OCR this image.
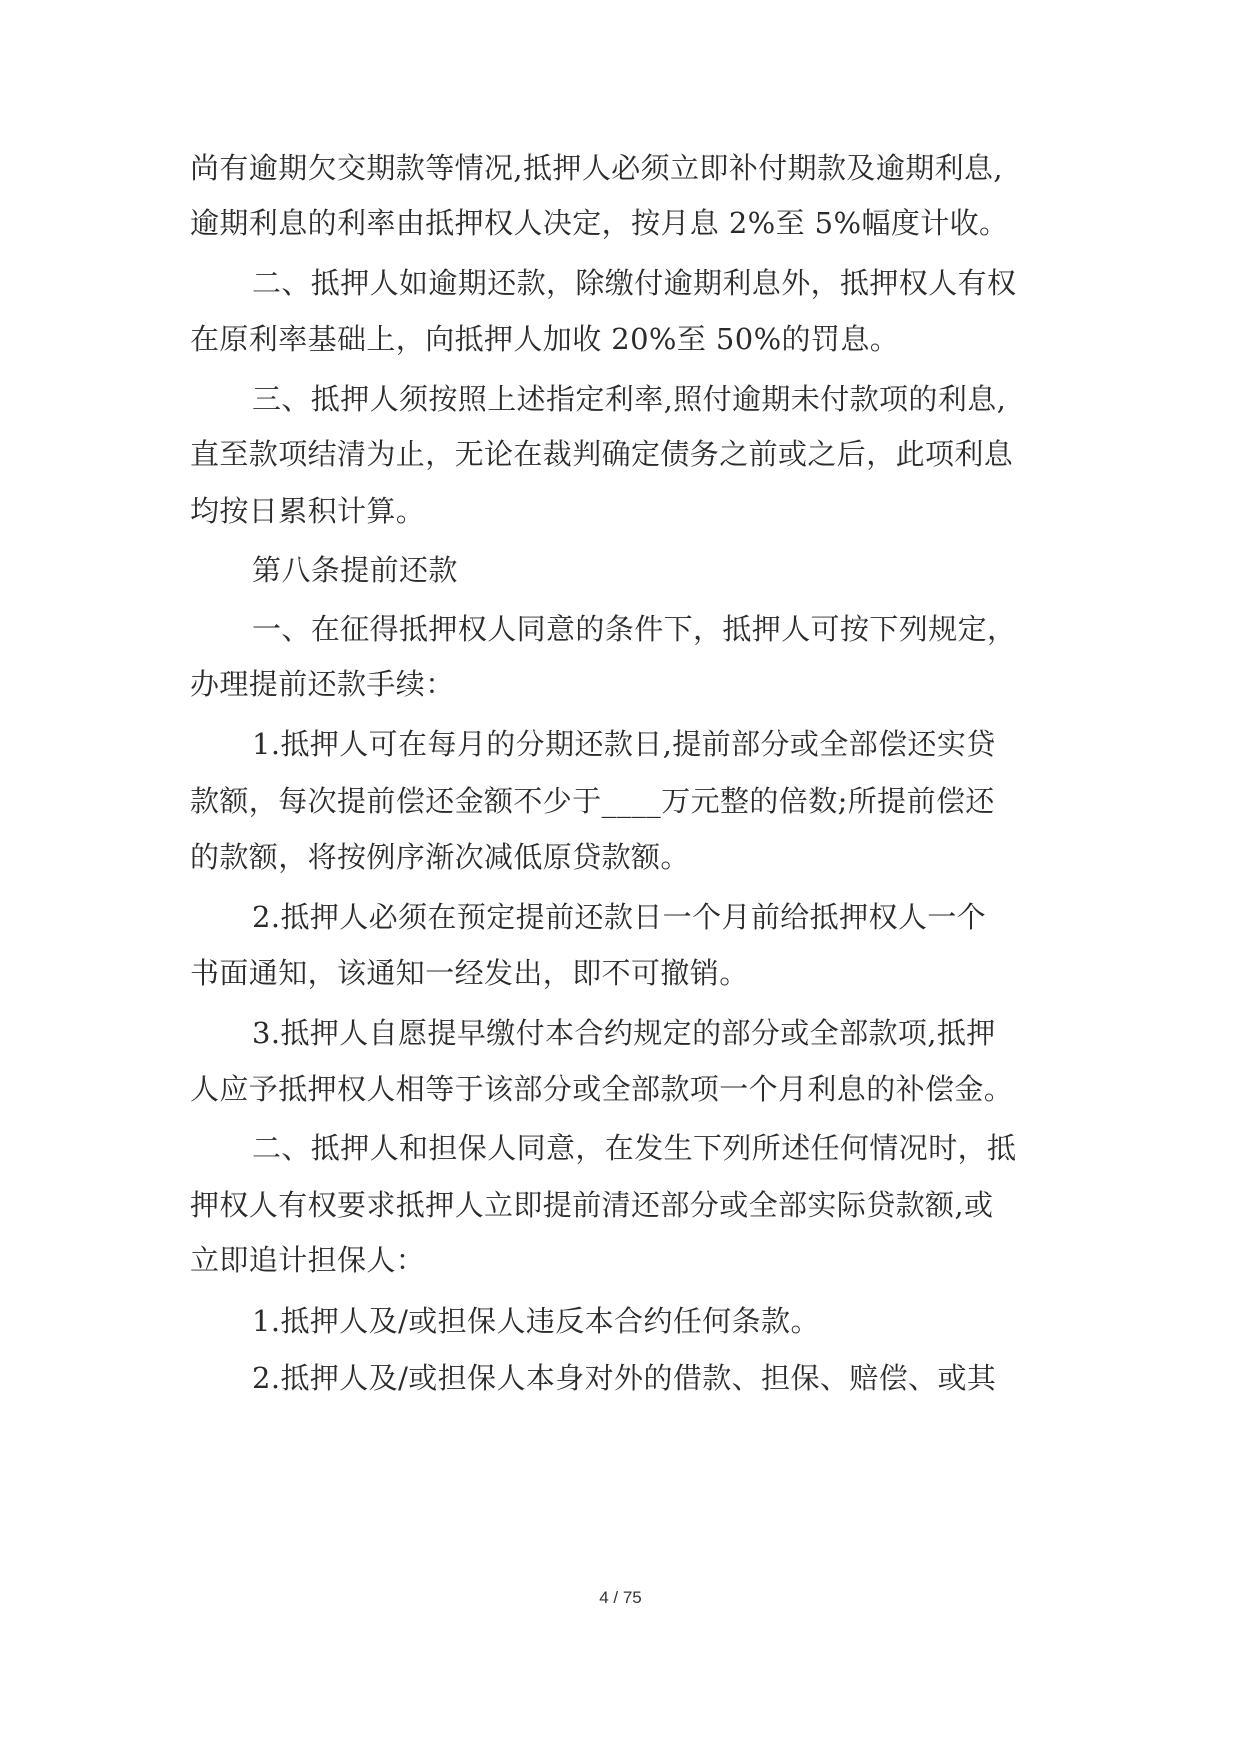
尚有逾期欠交期款等情况,抵押人必须立即补付期款及逾期利息,
逾期利息的利率由抵押权人决定，按月息 2%至 5%幅度计收。
二、抵押人如逾期还款，除缴付逾期利息外，抵押权人有权
在原利率基础上，向抵押人加收 20%至 50%的罚息。
三、抵押人须按照上述指定利率,照付逾期未付款项的利息,
直至款项结清为止，无论在裁判确定债务之前或之后，此项利息
均按日累积计算。
第八条提前还款
一、在征得抵押权人同意的条件下，抵押人可按下列规定，
办理提前还款手续：
1.抵押人可在每月的分期还款日,提前部分或全部偿还实贷
款额，每次提前偿还金额不少于____万元整的倍数;所提前偿还
的款额，将按例序渐次减低原贷款额。
2.抵押人必须在预定提前还款日一个月前给抵押权人一个
书面通知，该通知一经发出，即不可撤销。
3.抵押人自愿提早缴付本合约规定的部分或全部款项,抵押
人应予抵押权人相等于该部分或全部款项一个月利息的补偿金。
二、抵押人和担保人同意，在发生下列所述任何情况时，抵
押权人有权要求抵押人立即提前清还部分或全部实际贷款额,或
立即追计担保人：
1.抵押人及/或担保人违反本合约任何条款。
2.抵押人及/或担保人本身对外的借款、担保、赔偿、或其
4 / 75
